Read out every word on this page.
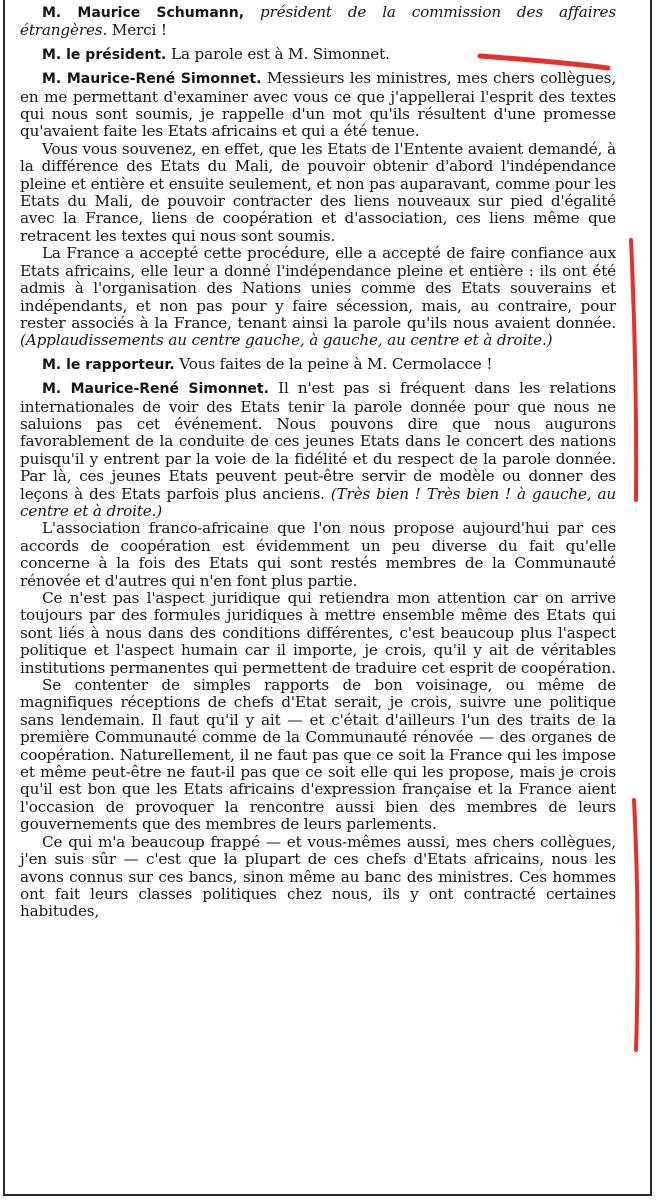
M. Maurice Schumann, président de la commission des affaires étrangères. Merci !

M. le président. La parole est à M. Simonnet.

M. Maurice-René Simonnet. Messieurs les ministres, mes chers collègues, en me permettant d'examiner avec vous ce que j'appellerai l'esprit des textes qui nous sont soumis, je rappelle d'un mot qu'ils résultent d'une promesse qu'avaient faite les Etats africains et qui a été tenue.

Vous vous souvenez, en effet, que les Etats de l'Entente avaient demandé, à la différence des Etats du Mali, de pouvoir obtenir d'abord l'indépendance pleine et entière et ensuite seulement, et non pas auparavant, comme pour les Etats du Mali, de pouvoir contracter des liens nouveaux sur pied d'égalité avec la France, liens de coopération et d'association, ces liens même que retracent les textes qui nous sont soumis.

La France a accepté cette procédure, elle a accepté de faire confiance aux Etats africains, elle leur a donné l'indépendance pleine et entière : ils ont été admis à l'organisation des Nations unies comme des Etats souverains et indépendants, et non pas pour y faire sécession, mais, au contraire, pour rester associés à la France, tenant ainsi la parole qu'ils nous avaient donnée. (Applaudissements au centre gauche, à gauche, au centre et à droite.)

M. le rapporteur. Vous faites de la peine à M. Cermolacce !

M. Maurice-René Simonnet. Il n'est pas si fréquent dans les relations internationales de voir des Etats tenir la parole donnée pour que nous ne saluions pas cet événement. Nous pouvons dire que nous augurons favorablement de la conduite de ces jeunes Etats dans le concert des nations puisqu'il y entrent par la voie de la fidélité et du respect de la parole donnée. Par là, ces jeunes Etats peuvent peut-être servir de modèle ou donner des leçons à des Etats parfois plus anciens. (Très bien ! Très bien ! à gauche, au centre et à droite.)

L'association franco-africaine que l'on nous propose aujourd'hui par ces accords de coopération est évidemment un peu diverse du fait qu'elle concerne à la fois des Etats qui sont restés membres de la Communauté rénovée et d'autres qui n'en font plus partie.

Ce n'est pas l'aspect juridique qui retiendra mon attention car on arrive toujours par des formules juridiques à mettre ensemble même des Etats qui sont liés à nous dans des conditions différentes, c'est beaucoup plus l'aspect politique et l'aspect humain car il importe, je crois, qu'il y ait de véritables institutions permanentes qui permettent de traduire cet esprit de coopération.

Se contenter de simples rapports de bon voisinage, ou même de magnifiques réceptions de chefs d'Etat serait, je crois, suivre une politique sans lendemain. Il faut qu'il y ait — et c'était d'ailleurs l'un des traits de la première Communauté comme de la Communauté rénovée — des organes de coopération. Naturellement, il ne faut pas que ce soit la France qui les impose et même peut-être ne faut-il pas que ce soit elle qui les propose, mais je crois qu'il est bon que les Etats africains d'expression française et la France aient l'occasion de provoquer la rencontre aussi bien des membres de leurs gouvernements que des membres de leurs parlements.

Ce qui m'a beaucoup frappé — et vous-mêmes aussi, mes chers collègues, j'en suis sûr — c'est que la plupart de ces chefs d'Etats africains, nous les avons connus sur ces bancs, sinon même au banc des ministres. Ces hommes ont fait leurs classes politiques chez nous, ils y ont contracté certaines habitudes,
